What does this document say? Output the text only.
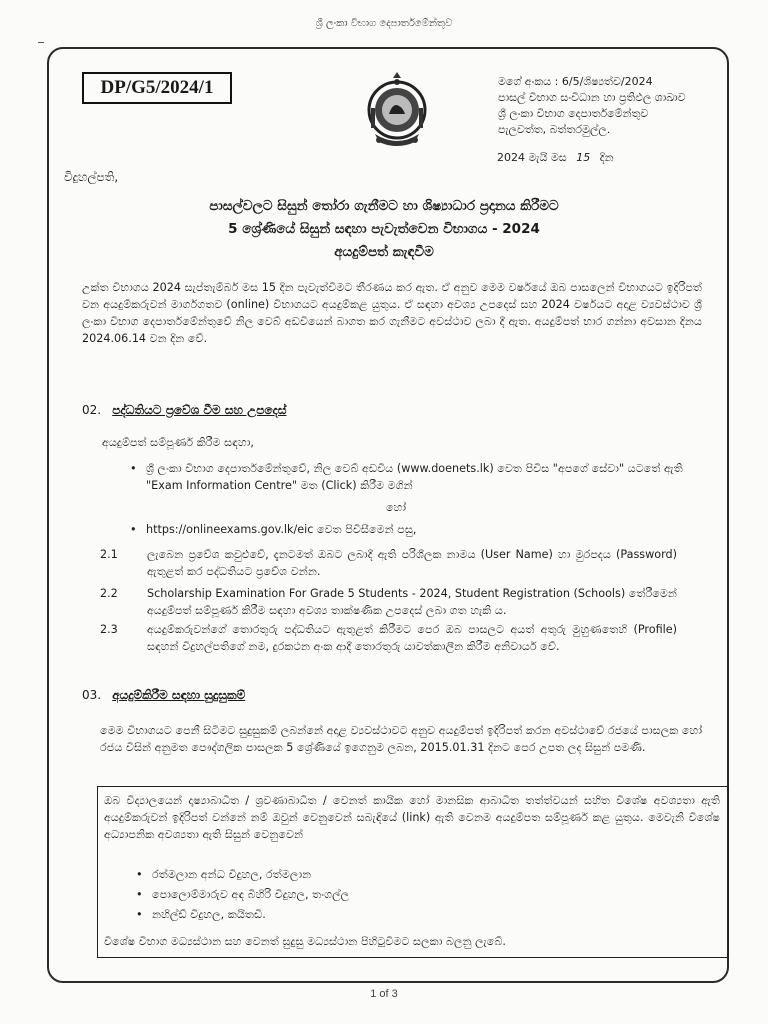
ශ්‍රී ලංකා විභාග දෙපාර්තමේන්තුව
DP/G5/2024/1	මගේ අංකය : 6/5/ශිෂ්‍යත්ව/2024
පාසල් විභාග සංවිධාන හා ප්‍රතිඵල ශාඛාව
ශ්‍රී ලංකා විභාග දෙපාර්තමේන්තුව
පැලවත්ත, බත්තරමුල්ල.
2024 මැයි මස 15 දින
විදුහල්පති,
පාසල්වලට සිසුන් තෝරා ගැනීමට හා ශිෂ්‍යාධාර ප්‍රදානය කිරීමට
5 ශ්‍රේණියේ සිසුන් සඳහා පැවැත්වෙන විභාගය - 2024
අයදුම්පත් කැඳවීම
උක්ත විභාගය 2024 සැප්තැම්බර් මස 15 දින පැවැත්වීමට තීරණය කර ඇත. ඒ අනුව මෙම වර්ෂයේ ඔබ පාසලෙන් විභාගයට ඉදිරිපත් වන අයදුම්කරුවන් මාර්ගගතව (online) විභාගයට අයදුම්කළ යුතුය. ඒ සඳහා අවශ්‍ය උපදෙස් සහ 2024 වර්ෂයට අදාළ ව්‍යවස්ථාව ශ්‍රී ලංකා විභාග දෙපාර්තමේන්තුවේ නිල වෙබ් අඩවියෙන් බාගත කර ගැනීමට අවස්ථාව ලබා දී ඇත. අයදුම්පත් භාර ගන්නා අවසාන දිනය 2024.06.14 වන දින වේ.
02. පද්ධතියට ප්‍රවේශ වීම සහ උපදෙස්
අයදුම්පත් සම්පූර්ණ කිරීම සඳහා,
• ශ්‍රී ලංකා විභාග දෙපාර්තමේන්තුවේ, නිල වෙබ් අඩවිය (www.doenets.lk) වෙත පිවිස "අපගේ සේවා" යටතේ ඇති "Exam Information Centre" මත (Click) කිරීම මගින්
හෝ
• https://onlineexams.gov.lk/eic වෙත පිවිසීමෙන් පසු,
2.1	ලැබෙන ප්‍රවේශ කවුළුවේ, දැනටමත් ඔබට ලබාදී ඇති පරිශීලක නාමය (User Name) හා මුරපදය (Password) ඇතුළත් කර පද්ධතියට ප්‍රවේශ වන්න.
2.2	Scholarship Examination For Grade 5 Students - 2024, Student Registration (Schools) තේරීමෙන් අයදුම්පත් සම්පූර්ණ කිරීම සඳහා අවශ්‍ය තාක්ෂණික උපදෙස් ලබා ගත හැකි ය.
2.3	අයදුම්කරුවන්ගේ තොරතුරු පද්ධතියට ඇතුළත් කිරීමට පෙර ඔබ පාසලට අයත් අතුරු මුහුණතෙහි (Profile) සඳහන් විදුහල්පතිගේ නම, දුරකථන අංක ආදී තොරතුරු යාවත්කාලීන කිරීම අනිවාර්ය වේ.
03. අයදුම්කිරීම සඳහා සුදුසුකම්
මෙම විභාගයට පෙනී සිටීමට සුදුසුකම් ලබන්නේ අදාළ ව්‍යවස්ථාවට අනුව අයදුම්පත් ඉදිරිපත් කරන අවස්ථාවේ රජයේ පාසලක හෝ රජය විසින් අනුමත පෞද්ගලික පාසලක 5 ශ්‍රේණියේ ඉගෙනුම ලබන, 2015.01.31 දිනට පෙර උපත ලද සිසුන් පමණි.
ඔබ විද්‍යාලයෙන් දෘෂ්‍යාබාධිත / ශ්‍රවණාබාධිත / වෙනත් කායික හෝ මානසික ආබාධිත තත්ත්වයන් සහිත විශේෂ අවශ්‍යතා ඇති අයදුම්කරුවන් ඉදිරිපත් වන්නේ නම් ඔවුන් වෙනුවෙන් සබැඳියේ (link) ඇති වෙනම අයදුම්පත සම්පූර්ණ කළ යුතුය. මෙවැනි විශේෂ අධ්‍යාපනික අවශ්‍යතා ඇති සිසුන් වෙනුවෙන්
• රත්මලාන අන්ධ විදුහල, රත්මලාන
• පොලොම්මාරුව අඳ බිහිරි විදුහල, තංගල්ල
• නහිල්ඩ් විදුහල, කයිතඩි.
විශේෂ විභාග මධ්‍යස්ථාන සහ වෙනත් සුදුසු මධ්‍යස්ථාන පිහිටුවීමට සලකා බලනු ලැබේ.
1 of 3
